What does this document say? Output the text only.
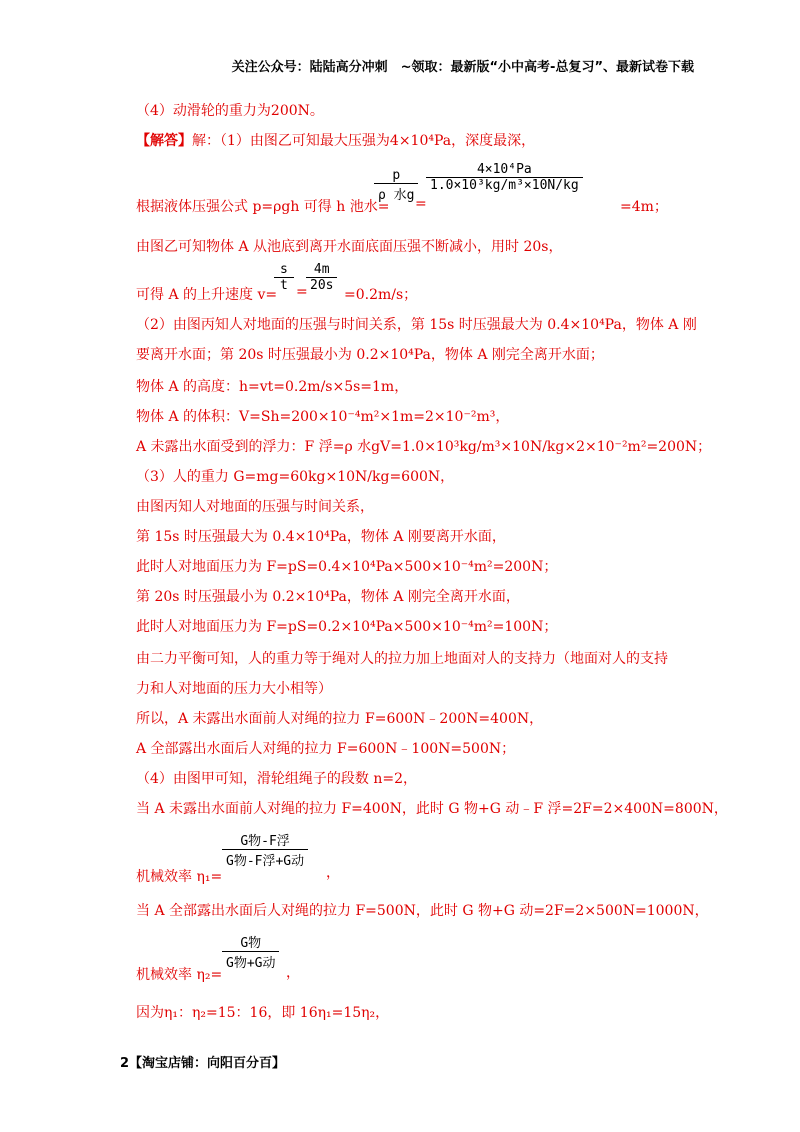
关注公众号：陆陆高分冲刺　~领取：最新版“小中高考-总复习”、最新试卷下载
（4）动滑轮的重力为200N。
【解答】解：（1）由图乙可知最大压强为4×10⁴Pa，深度最深，
根据液体压强公式 p=ρgh 可得 h 池水=
p
ρ 水g
=
4×10⁴Pa
1.0×10³kg/m³×10N/kg
=4m；
由图乙可知物体 A 从池底到离开水面底面压强不断减小，用时 20s，
可得 A 的上升速度 v=
s
t =
4m
20s
=0.2m/s；
（2）由图丙知人对地面的压强与时间关系，第 15s 时压强最大为 0.4×10⁴Pa，物体 A 刚
要离开水面；第 20s 时压强最小为 0.2×10⁴Pa，物体 A 刚完全离开水面；
物体 A 的高度：h=vt=0.2m/s×5s=1m，
物体 A 的体积：V=Sh=200×10⁻⁴m²×1m=2×10⁻²m³，
A 未露出水面受到的浮力：F 浮=ρ 水gV=1.0×10³kg/m³×10N/kg×2×10⁻²m²=200N；
（3）人的重力 G=mg=60kg×10N/kg=600N，
由图丙知人对地面的压强与时间关系，
第 15s 时压强最大为 0.4×10⁴Pa，物体 A 刚要离开水面，
此时人对地面压力为 F=pS=0.4×10⁴Pa×500×10⁻⁴m²=200N；
第 20s 时压强最小为 0.2×10⁴Pa，物体 A 刚完全离开水面，
此时人对地面压力为 F=pS=0.2×10⁴Pa×500×10⁻⁴m²=100N；
由二力平衡可知，人的重力等于绳对人的拉力加上地面对人的支持力（地面对人的支持
力和人对地面的压力大小相等）
所以，A 未露出水面前人对绳的拉力 F=600N﹣200N=400N，
A 全部露出水面后人对绳的拉力 F=600N﹣100N=500N；
（4）由图甲可知，滑轮组绳子的段数 n=2，
当 A 未露出水面前人对绳的拉力 F=400N，此时 G 物+G 动﹣F 浮=2F=2×400N=800N，
机械效率 η₁=
G物-F浮
G物-F浮+G动
，
当 A 全部露出水面后人对绳的拉力 F=500N，此时 G 物+G 动=2F=2×500N=1000N，
机械效率 η₂=
G物
G物+G动
，
因为η₁：η₂=15：16，即 16η₁=15η₂，
2【淘宝店铺：向阳百分百】
